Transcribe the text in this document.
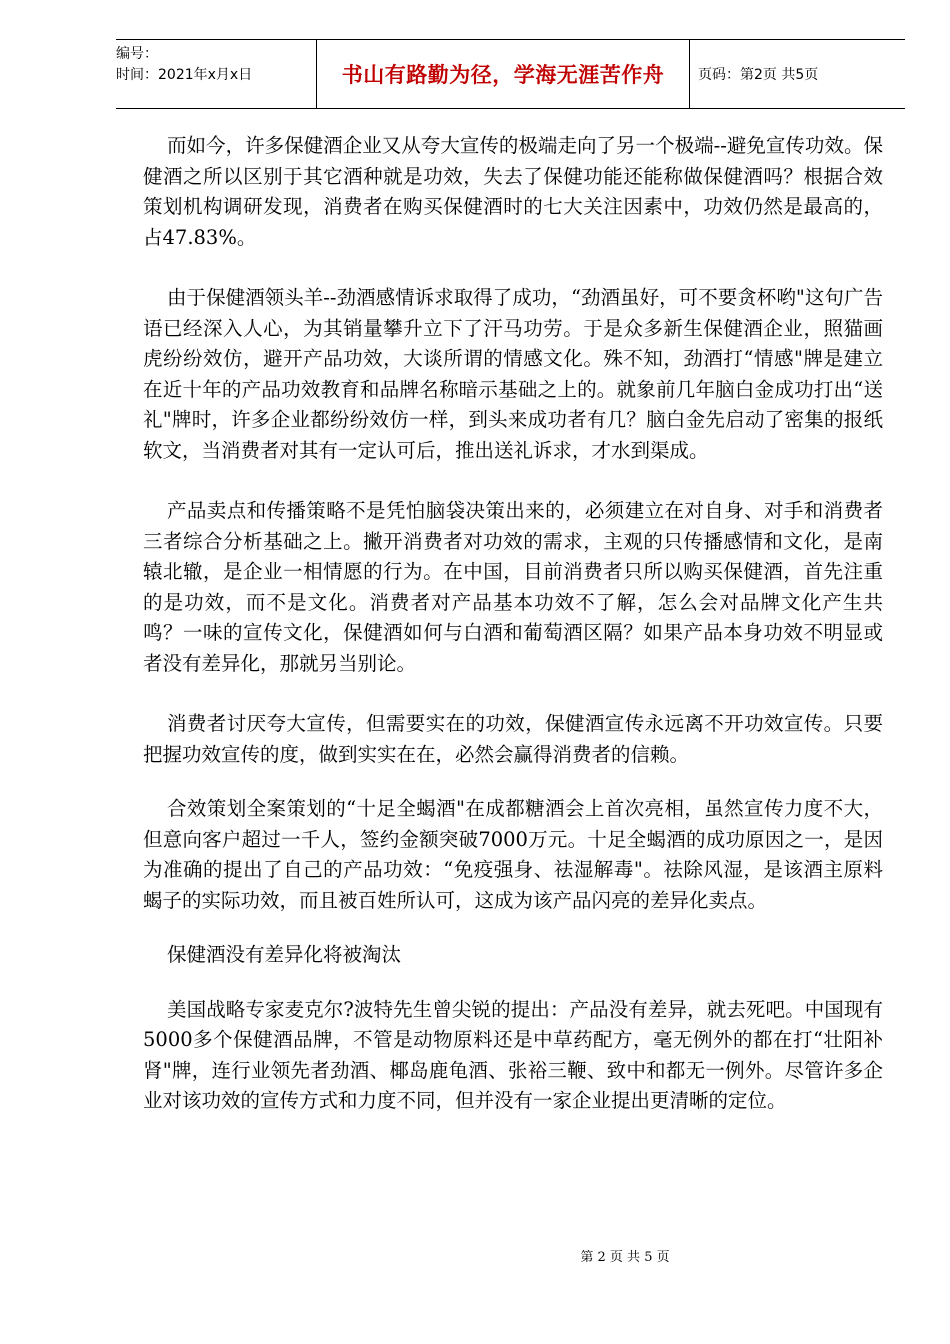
编号：
时间：2021年x月x日	书山有路勤为径，学海无涯苦作舟 页码：第2页 共5页

而如今，许多保健酒企业又从夸大宣传的极端走向了另一个极端--避免宣传功效。保健酒之所以区别于其它酒种就是功效，失去了保健功能还能称做保健酒吗？根据合效策划机构调研发现，消费者在购买保健酒时的七大关注因素中，功效仍然是最高的，占47.83%。

由于保健酒领头羊--劲酒感情诉求取得了成功，“劲酒虽好，可不要贪杯哟"这句广告语已经深入人心，为其销量攀升立下了汗马功劳。于是众多新生保健酒企业，照猫画虎纷纷效仿，避开产品功效，大谈所谓的情感文化。殊不知，劲酒打“情感"牌是建立在近十年的产品功效教育和品牌名称暗示基础之上的。就象前几年脑白金成功打出“送礼"牌时，许多企业都纷纷效仿一样，到头来成功者有几？脑白金先启动了密集的报纸软文，当消费者对其有一定认可后，推出送礼诉求，才水到渠成。

产品卖点和传播策略不是凭怕脑袋决策出来的，必须建立在对自身、对手和消费者三者综合分析基础之上。撇开消费者对功效的需求，主观的只传播感情和文化，是南辕北辙，是企业一相情愿的行为。在中国，目前消费者只所以购买保健酒，首先注重的是功效，而不是文化。消费者对产品基本功效不了解，怎么会对品牌文化产生共鸣？一味的宣传文化，保健酒如何与白酒和葡萄酒区隔？如果产品本身功效不明显或者没有差异化，那就另当别论。

消费者讨厌夸大宣传，但需要实在的功效，保健酒宣传永远离不开功效宣传。只要把握功效宣传的度，做到实实在在，必然会赢得消费者的信赖。

合效策划全案策划的“十足全蝎酒"在成都糖酒会上首次亮相，虽然宣传力度不大，但意向客户超过一千人，签约金额突破7000万元。十足全蝎酒的成功原因之一，是因为准确的提出了自己的产品功效：“免疫强身、祛湿解毒"。祛除风湿，是该酒主原料蝎子的实际功效，而且被百姓所认可，这成为该产品闪亮的差异化卖点。

保健酒没有差异化将被淘汰

美国战略专家麦克尔?波特先生曾尖锐的提出：产品没有差异，就去死吧。中国现有5000多个保健酒品牌，不管是动物原料还是中草药配方，毫无例外的都在打“壮阳补肾"牌，连行业领先者劲酒、椰岛鹿龟酒、张裕三鞭、致中和都无一例外。尽管许多企业对该功效的宣传方式和力度不同，但并没有一家企业提出更清晰的定位。

第 2 页 共 5 页
